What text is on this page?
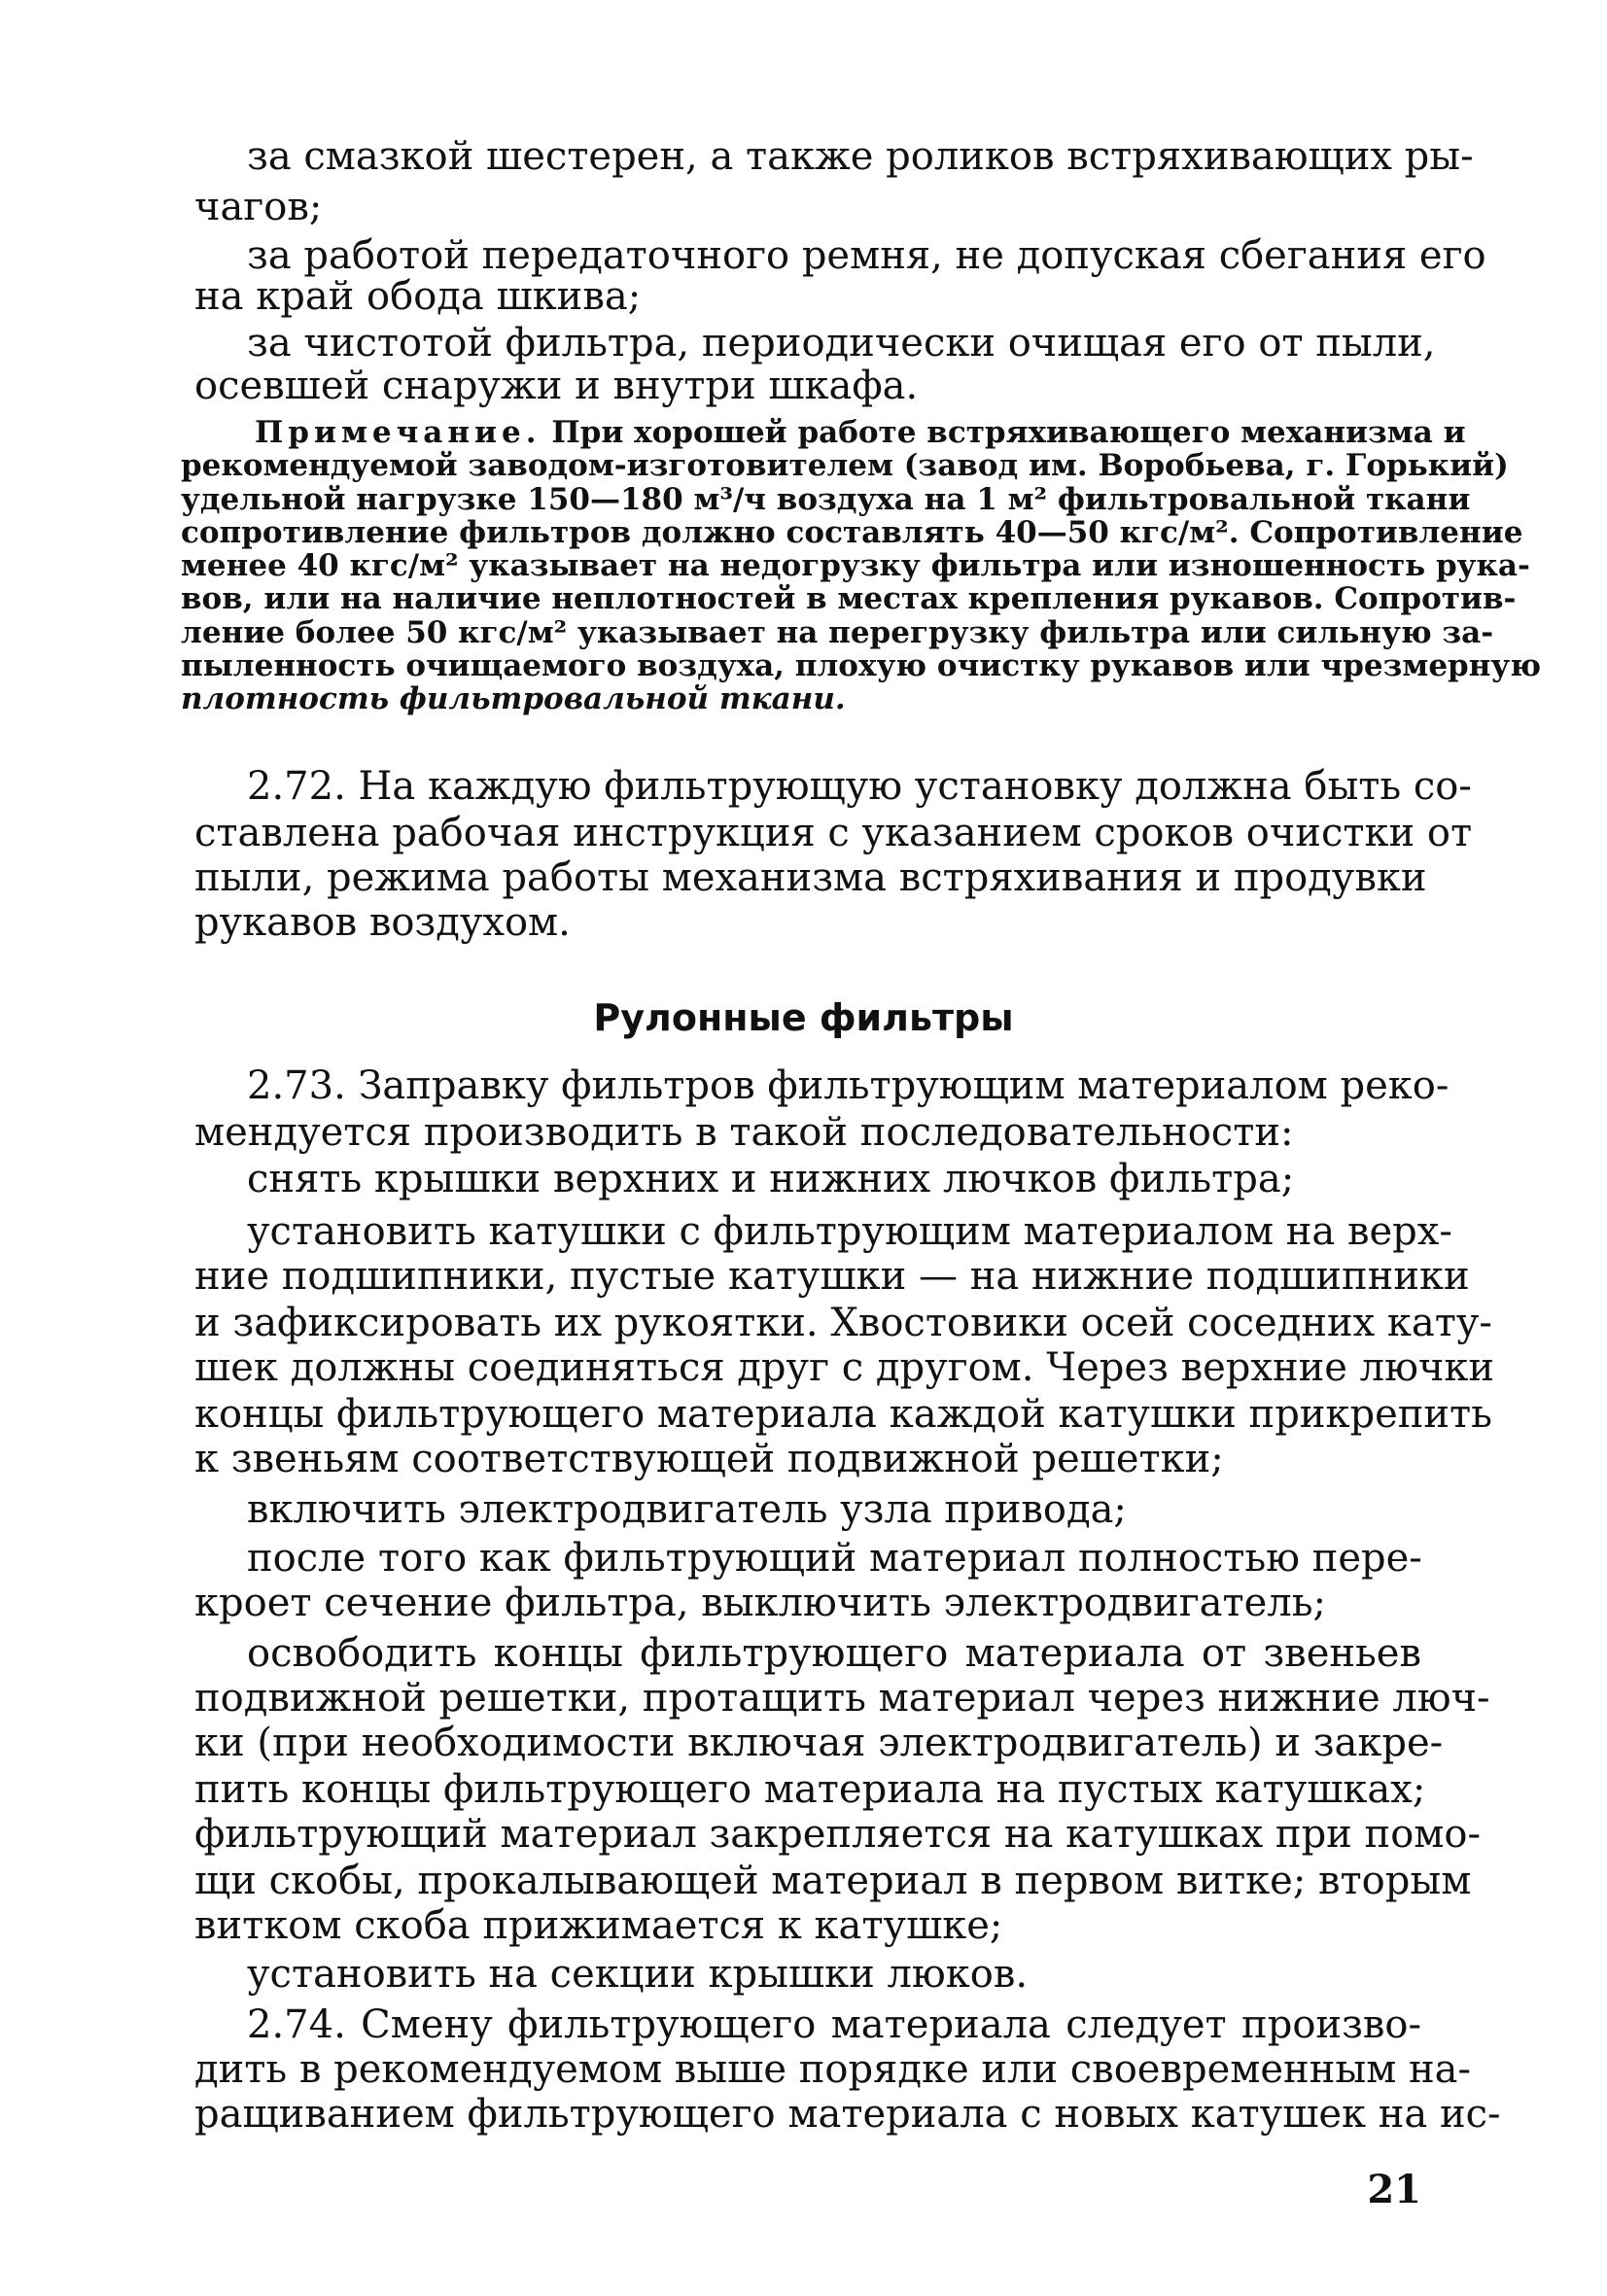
за смазкой шестерен, а также роликов встряхивающих ры-
чагов;
за работой передаточного ремня, не допуская сбегания его
на край обода шкива;
за чистотой фильтра, периодически очищая его от пыли,
осевшей снаружи и внутри шкафа.
Примечание. При хорошей работе встряхивающего механизма и
рекомендуемой заводом-изготовителем (завод им. Воробьева, г. Горький)
удельной нагрузке 150—180 м³/ч воздуха на 1 м² фильтровальной ткани
сопротивление фильтров должно составлять 40—50 кгс/м². Сопротивление
менее 40 кгс/м² указывает на недогрузку фильтра или изношенность рука-
вов, или на наличие неплотностей в местах крепления рукавов. Сопротив-
ление более 50 кгс/м² указывает на перегрузку фильтра или сильную за-
пыленность очищаемого воздуха, плохую очистку рукавов или чрезмерную
плотность фильтровальной ткани.
2.72. На каждую фильтрующую установку должна быть со-
ставлена рабочая инструкция с указанием сроков очистки от
пыли, режима работы механизма встряхивания и продувки
рукавов воздухом.
Рулонные фильтры
2.73. Заправку фильтров фильтрующим материалом реко-
мендуется производить в такой последовательности:
снять крышки верхних и нижних лючков фильтра;
установить катушки с фильтрующим материалом на верх-
ние подшипники, пустые катушки — на нижние подшипники
и зафиксировать их рукоятки. Хвостовики осей соседних кату-
шек должны соединяться друг с другом. Через верхние лючки
концы фильтрующего материала каждой катушки прикрепить
к звеньям соответствующей подвижной решетки;
включить электродвигатель узла привода;
после того как фильтрующий материал полностью пере-
кроет сечение фильтра, выключить электродвигатель;
освободить концы фильтрующего материала от звеньев
подвижной решетки, протащить материал через нижние люч-
ки (при необходимости включая электродвигатель) и закре-
пить концы фильтрующего материала на пустых катушках;
фильтрующий материал закрепляется на катушках при помо-
щи скобы, прокалывающей материал в первом витке; вторым
витком скоба прижимается к катушке;
установить на секции крышки люков.
2.74. Смену фильтрующего материала следует произво-
дить в рекомендуемом выше порядке или своевременным на-
ращиванием фильтрующего материала с новых катушек на ис-
21
